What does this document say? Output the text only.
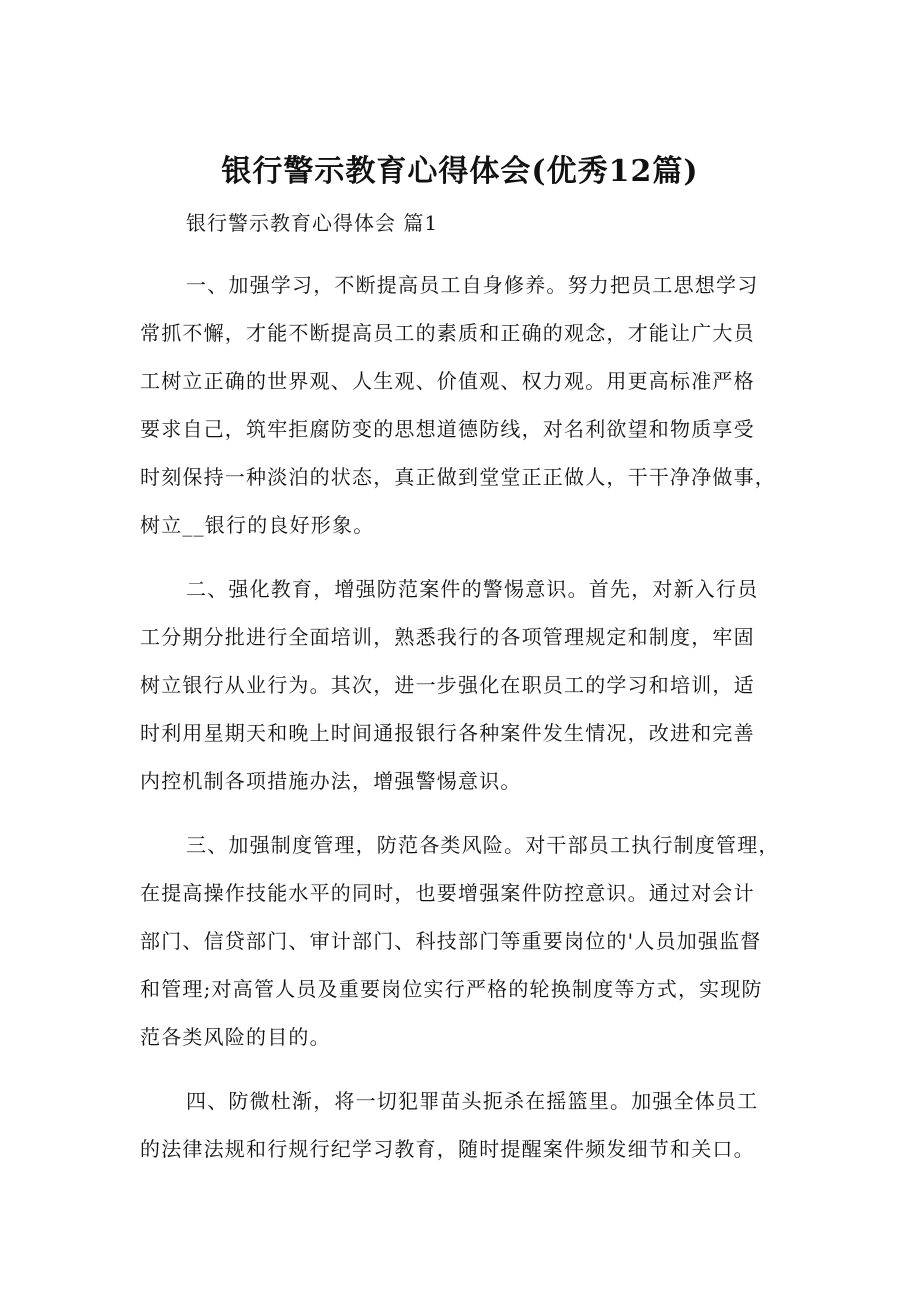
银行警示教育心得体会(优秀12篇)
银行警示教育心得体会 篇1
一、加强学习，不断提高员工自身修养。努力把员工思想学习
常抓不懈，才能不断提高员工的素质和正确的观念，才能让广大员
工树立正确的世界观、人生观、价值观、权力观。用更高标准严格
要求自己，筑牢拒腐防变的思想道德防线，对名利欲望和物质享受
时刻保持一种淡泊的状态，真正做到堂堂正正做人，干干净净做事，
树立__银行的良好形象。
二、强化教育，增强防范案件的警惕意识。首先，对新入行员
工分期分批进行全面培训，熟悉我行的各项管理规定和制度，牢固
树立银行从业行为。其次，进一步强化在职员工的学习和培训，适
时利用星期天和晚上时间通报银行各种案件发生情况，改进和完善
内控机制各项措施办法，增强警惕意识。
三、加强制度管理，防范各类风险。对干部员工执行制度管理，
在提高操作技能水平的同时，也要增强案件防控意识。通过对会计
部门、信贷部门、审计部门、科技部门等重要岗位的'人员加强监督
和管理;对高管人员及重要岗位实行严格的轮换制度等方式，实现防
范各类风险的目的。
四、防微杜渐，将一切犯罪苗头扼杀在摇篮里。加强全体员工
的法律法规和行规行纪学习教育，随时提醒案件频发细节和关口。
